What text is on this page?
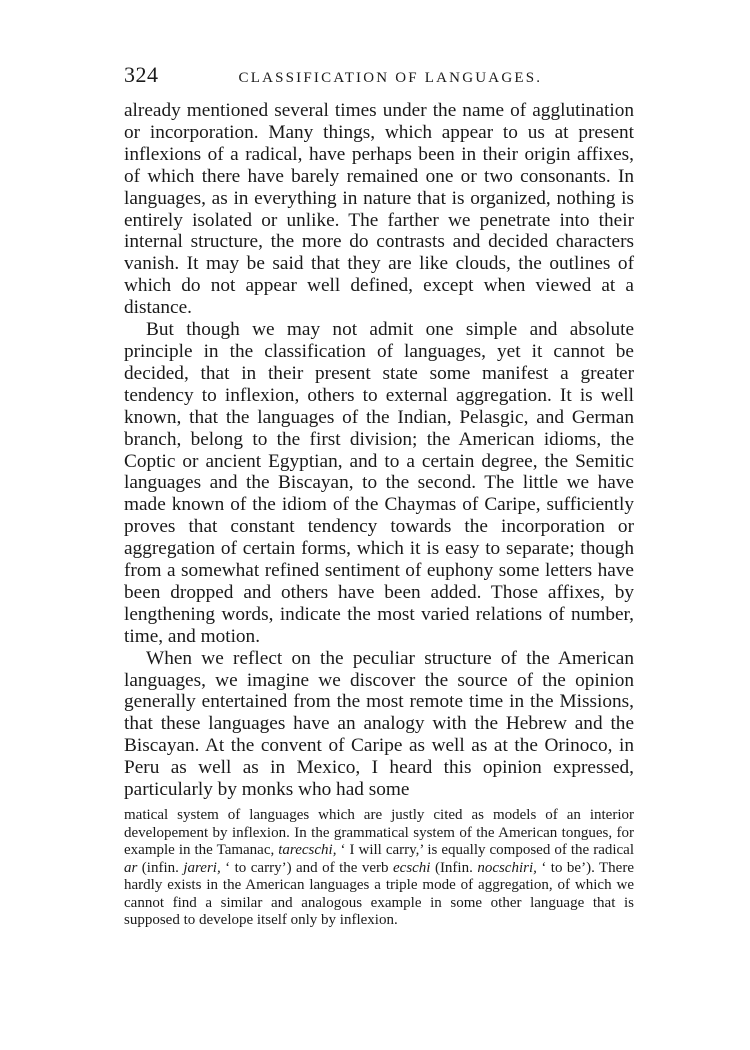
324	CLASSIFICATION OF LANGUAGES.

already mentioned several times under the name of agglutination or incorporation. Many things, which appear to us at present inflexions of a radical, have perhaps been in their origin affixes, of which there have barely remained one or two consonants. In languages, as in everything in nature that is organized, nothing is entirely isolated or unlike. The farther we penetrate into their internal structure, the more do contrasts and decided characters vanish. It may be said that they are like clouds, the outlines of which do not appear well defined, except when viewed at a distance.

But though we may not admit one simple and absolute principle in the classification of languages, yet it cannot be decided, that in their present state some manifest a greater tendency to inflexion, others to external aggregation. It is well known, that the languages of the Indian, Pelasgic, and German branch, belong to the first division; the American idioms, the Coptic or ancient Egyptian, and to a certain degree, the Semitic languages and the Biscayan, to the second. The little we have made known of the idiom of the Chaymas of Caripe, sufficiently proves that constant tendency towards the incorporation or aggregation of certain forms, which it is easy to separate; though from a somewhat refined sentiment of euphony some letters have been dropped and others have been added. Those affixes, by lengthening words, indicate the most varied relations of number, time, and motion.

When we reflect on the peculiar structure of the American languages, we imagine we discover the source of the opinion generally entertained from the most remote time in the Missions, that these languages have an analogy with the Hebrew and the Biscayan. At the convent of Caripe as well as at the Orinoco, in Peru as well as in Mexico, I heard this opinion expressed, particularly by monks who had some

matical system of languages which are justly cited as models of an interior developement by inflexion. In the grammatical system of the American tongues, for example in the Tamanac, tarecschi, ‘ I will carry,’ is equally composed of the radical ar (infin. jareri, ‘ to carry’) and of the verb ecschi (Infin. nocschiri, ‘ to be’). There hardly exists in the American languages a triple mode of aggregation, of which we cannot find a similar and analogous example in some other language that is supposed to develope itself only by inflexion.
